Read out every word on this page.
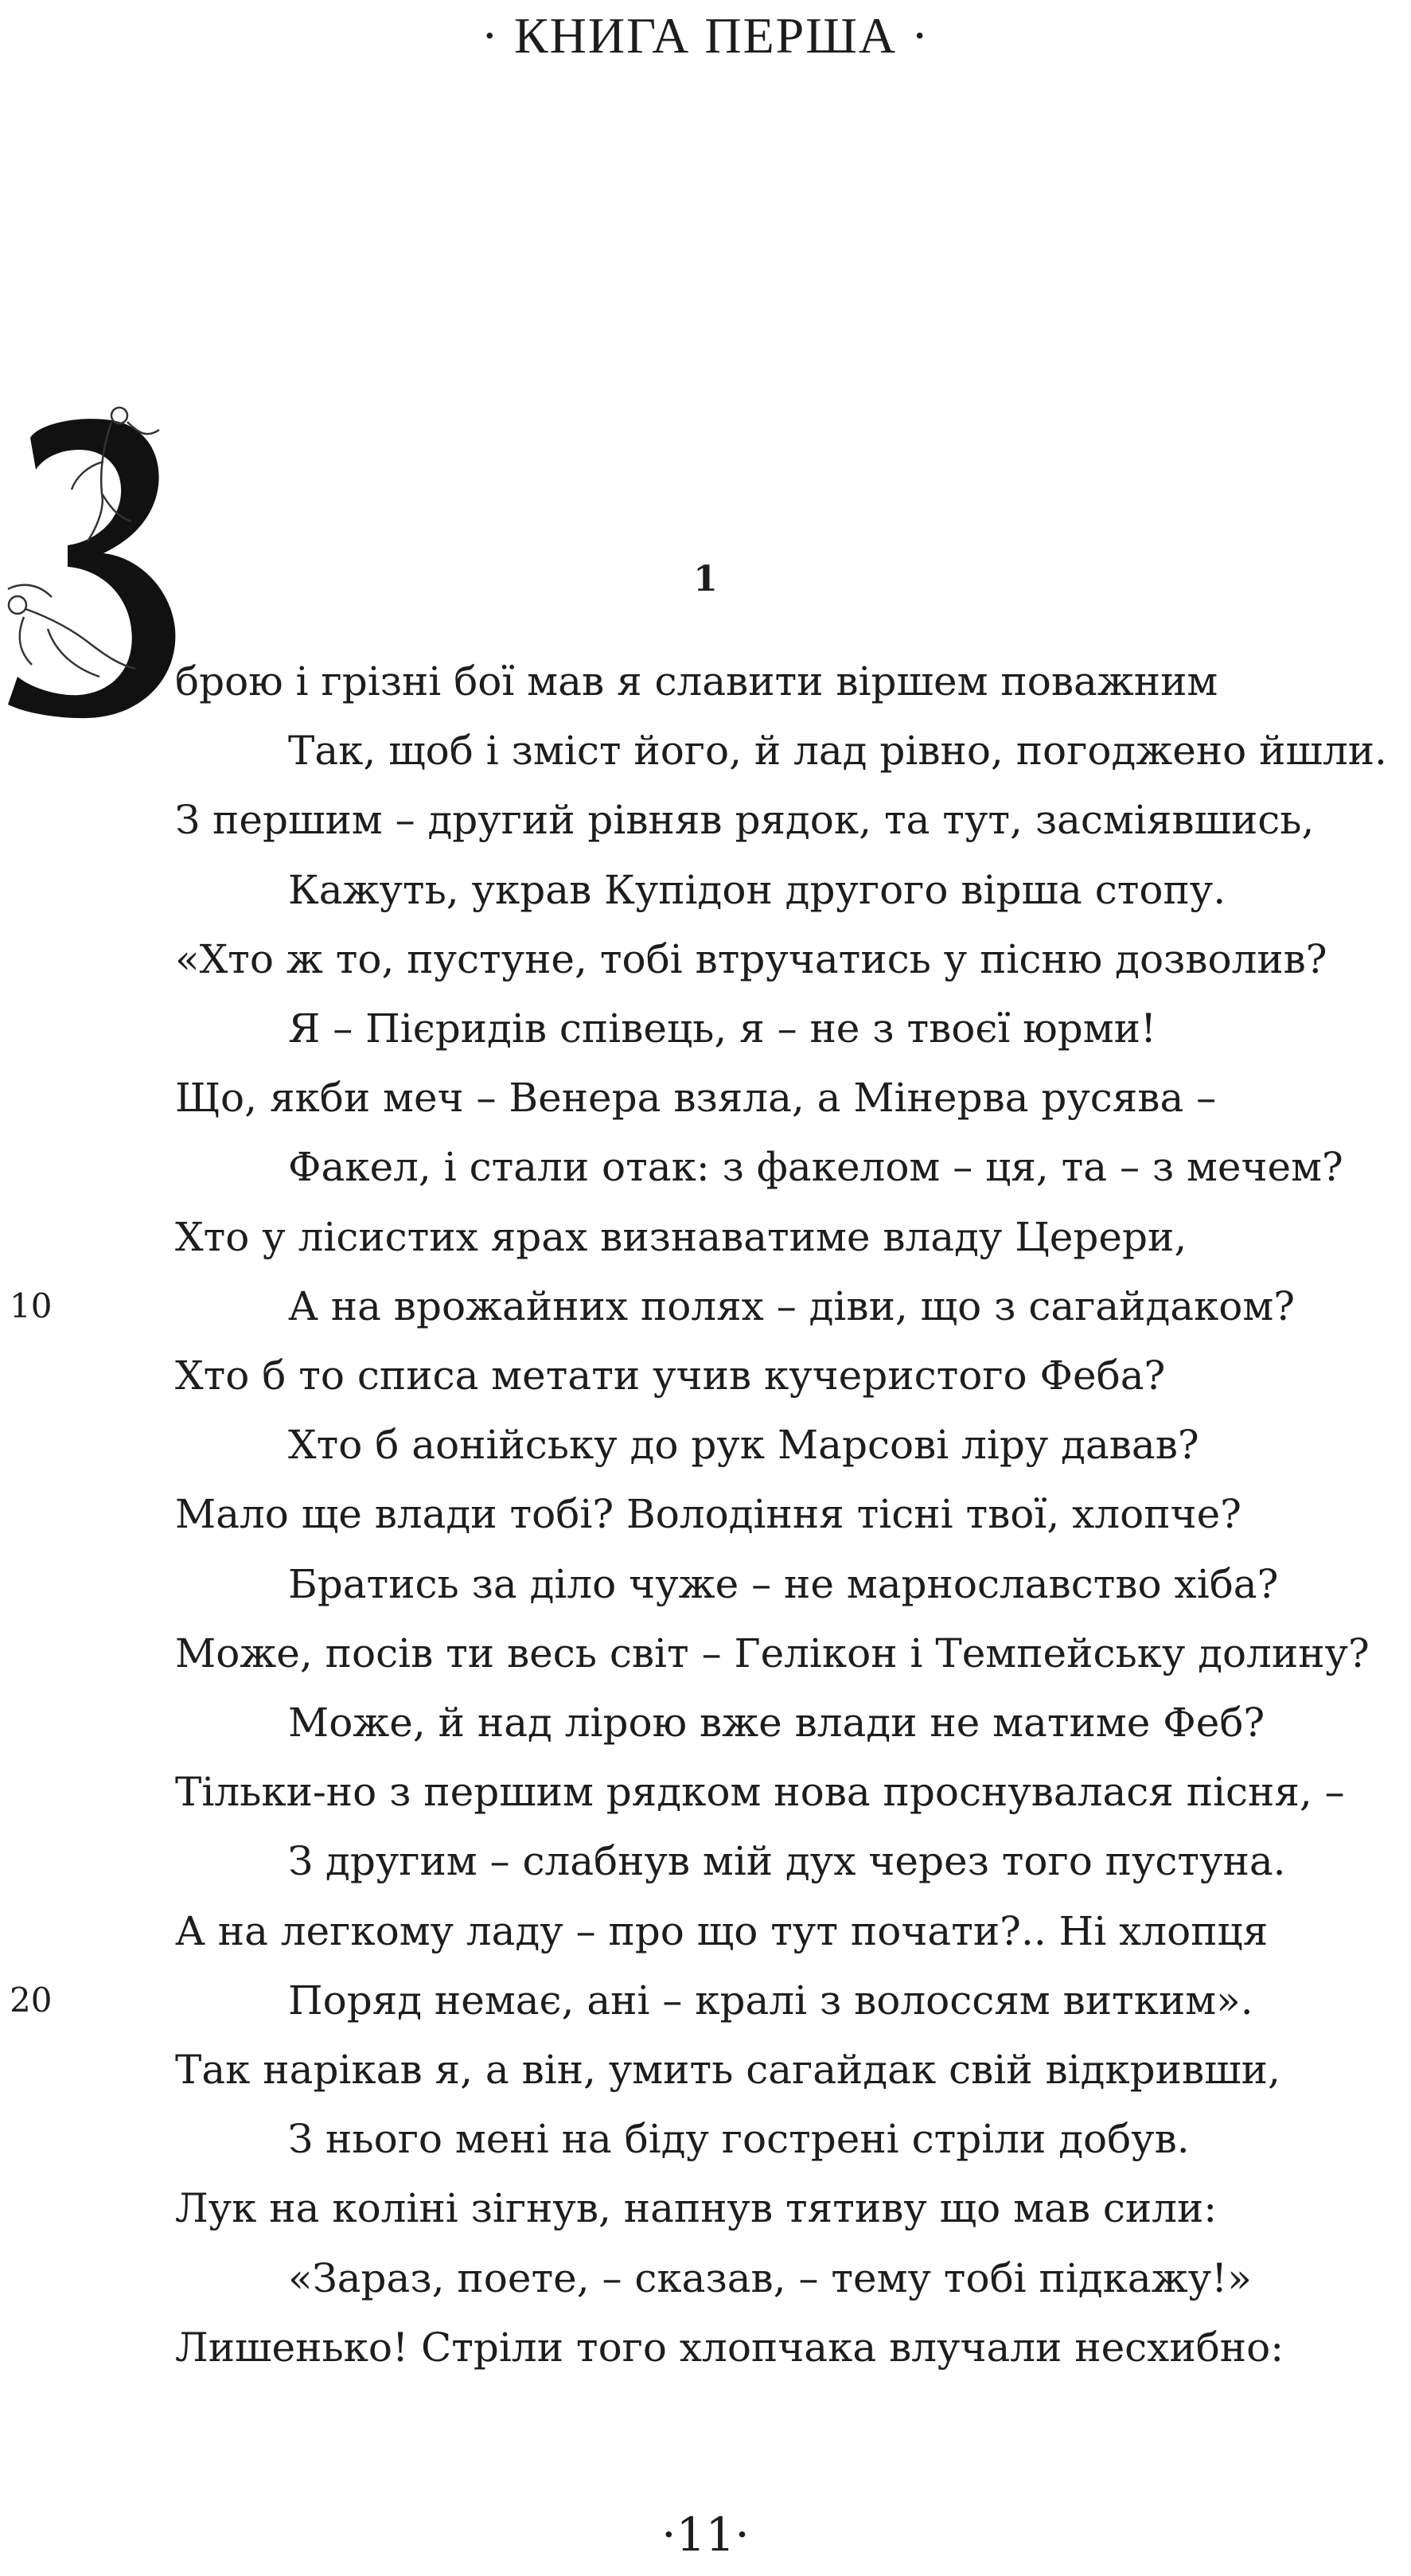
· КНИГА ПЕРША ·
1
брою і грізні бої мав я славити віршем поважним
Так, щоб і зміст його, й лад рівно, погоджено йшли.
З першим – другий рівняв рядок, та тут, засміявшись,
Кажуть, украв Купідон другого вірша стопу.
«Хто ж то, пустуне, тобі втручатись у пісню дозволив?
Я – Пієридів співець, я – не з твоєї юрми!
Що, якби меч – Венера взяла, а Мінерва русява –
Факел, і стали отак: з факелом – ця, та – з мечем?
Хто у лісистих ярах визнаватиме владу Церери,
А на врожайних полях – діви, що з сагайдаком?
Хто б то списа метати учив кучеристого Феба?
Хто б аонійську до рук Марсові ліру давав?
Мало ще влади тобі? Володіння тісні твої, хлопче?
Братись за діло чуже – не марнославство хіба?
Може, посів ти весь світ – Гелікон і Темпейську долину?
Може, й над лірою вже влади не матиме Феб?
Тільки-но з першим рядком нова проснувалася пісня, –
З другим – слабнув мій дух через того пустуна.
А на легкому ладу – про що тут почати?.. Ні хлопця
Поряд немає, ані – кралі з волоссям витким».
Так нарікав я, а він, умить сагайдак свій відкривши,
З нього мені на біду гострені стріли добув.
Лук на коліні зігнув, напнув тятиву що мав сили:
«Зараз, поете, – сказав, – тему тобі підкажу!»
Лишенько! Стріли того хлопчака влучали несхибно:
10
20
·11·
